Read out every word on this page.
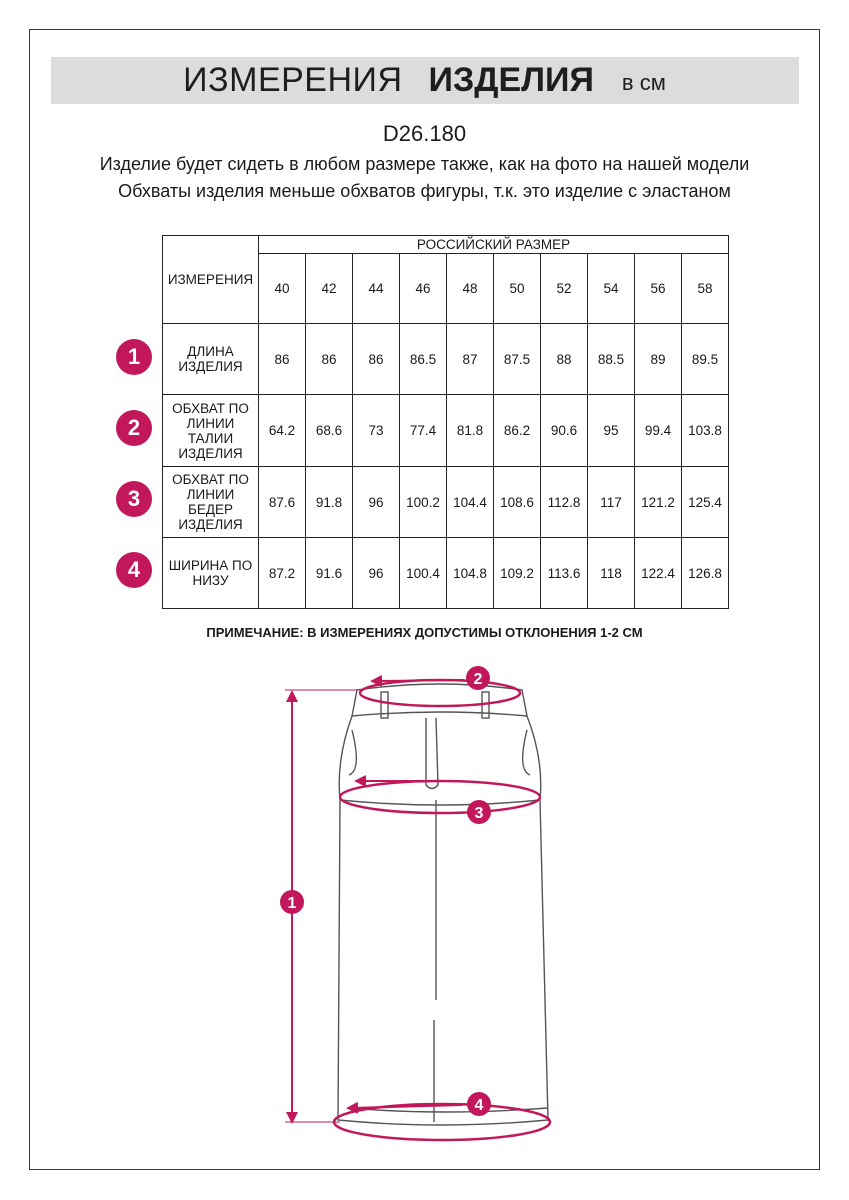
ИЗМЕРЕНИЯ ИЗДЕЛИЯ в см
D26.180
Изделие будет сидеть в любом размере также, как на фото на нашей модели
Обхваты изделия меньше обхватов фигуры, т.к. это изделие с эластаном
ИЗМЕРЕНИЯ	РОССИЙСКИЙ РАЗМЕР									
	40	42	44	46	48	50	52	54	56	58
ДЛИНА ИЗДЕЛИЯ	86	86	86	86.5	87	87.5	88	88.5	89	89.5
ОБХВАТ ПО ЛИНИИ ТАЛИИ ИЗДЕЛИЯ	64.2	68.6	73	77.4	81.8	86.2	90.6	95	99.4	103.8
ОБХВАТ ПО ЛИНИИ БЕДЕР ИЗДЕЛИЯ	87.6	91.8	96	100.2	104.4	108.6	112.8	117	121.2	125.4
ШИРИНА ПО НИЗУ	87.2	91.6	96	100.4	104.8	109.2	113.6	118	122.4	126.8
1
2
3
4
ПРИМЕЧАНИЕ: В ИЗМЕРЕНИЯХ ДОПУСТИМЫ ОТКЛОНЕНИЯ 1-2 СМ
1
2
3
4
